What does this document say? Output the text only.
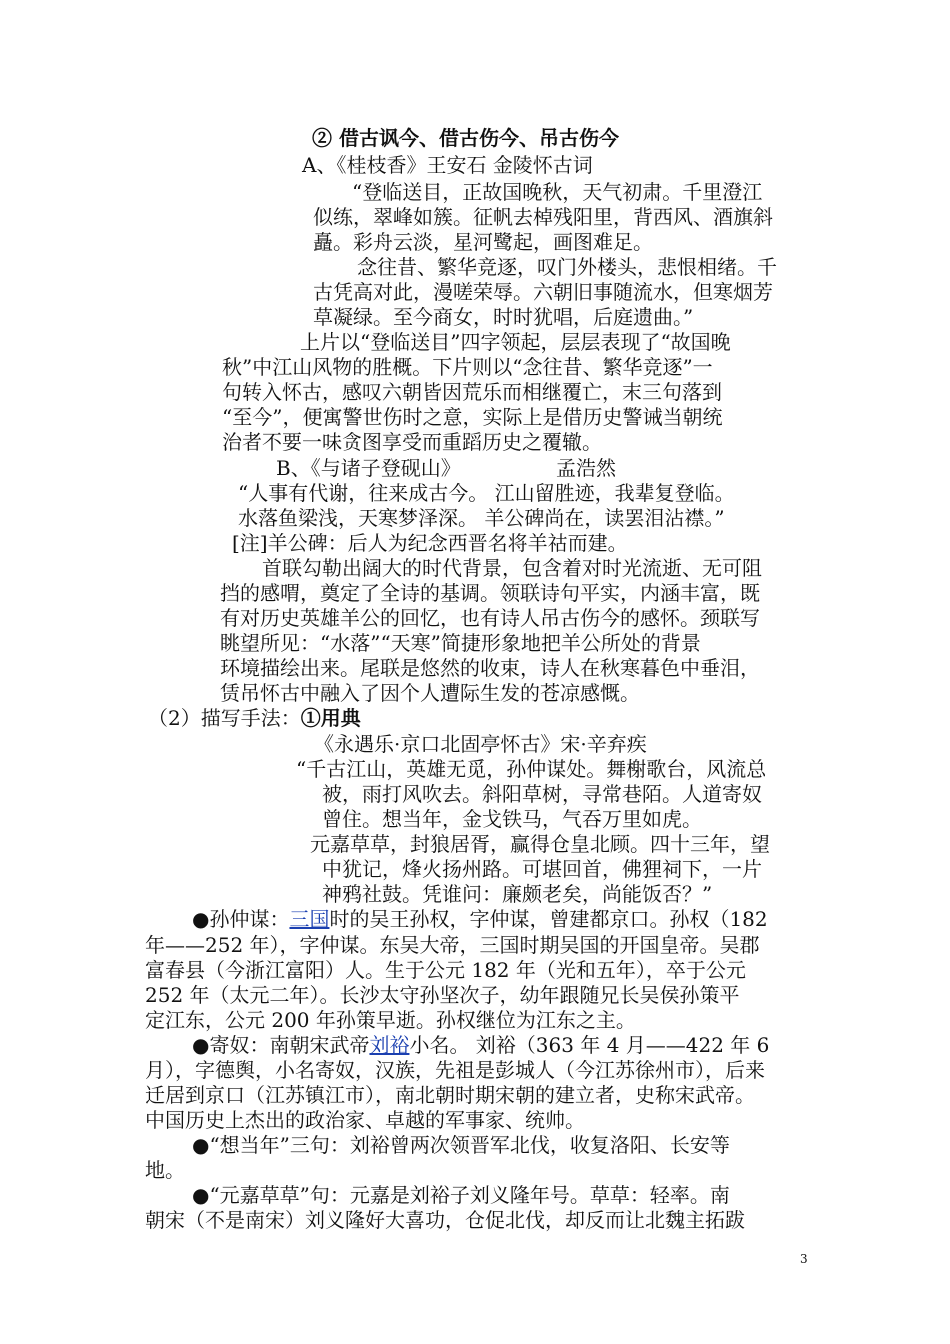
② 借古讽今、借古伤今、吊古伤今
A、《桂枝香》王安石 金陵怀古词
“登临送目，正故国晚秋，天气初肃。千里澄江
似练，翠峰如簇。征帆去棹残阳里，背西风、酒旗斜
矗。彩舟云淡，星河鹭起，画图难足。
念往昔、繁华竞逐，叹门外楼头，悲恨相绪。千
古凭高对此，漫嗟荣辱。六朝旧事随流水，但寒烟芳
草凝绿。至今商女，时时犹唱，后庭遗曲。”
上片以“登临送目”四字领起，层层表现了“故国晚
秋”中江山风物的胜概。下片则以“念往昔、繁华竞逐”一
句转入怀古，感叹六朝皆因荒乐而相继覆亡，末三句落到
“至今”，便寓警世伤时之意，实际上是借历史警诫当朝统
治者不要一味贪图享受而重蹈历史之覆辙。
B、《与诸子登砚山》	孟浩然
“人事有代谢，往来成古今。 江山留胜迹，我辈复登临。
水落鱼梁浅，天寒梦泽深。 羊公碑尚在，读罢泪沾襟。”
[注]羊公碑：后人为纪念西晋名将羊祜而建。
首联勾勒出阔大的时代背景，包含着对时光流逝、无可阻
挡的感喟，奠定了全诗的基调。领联诗句平实，内涵丰富，既
有对历史英雄羊公的回忆，也有诗人吊古伤今的感怀。颈联写
眺望所见：“水落”“天寒”简捷形象地把羊公所处的背景
环境描绘出来。尾联是悠然的收束，诗人在秋寒暮色中垂泪，
赁吊怀古中融入了因个人遭际生发的苍凉感慨。
（2）描写手法：①用典
《永遇乐·京口北固亭怀古》宋·辛弃疾
“千古江山，英雄无觅，孙仲谋处。舞榭歌台，风流总
被，雨打风吹去。斜阳草树，寻常巷陌。人道寄奴
曾住。想当年，金戈铁马，气吞万里如虎。
元嘉草草，封狼居胥，赢得仓皇北顾。四十三年，望
中犹记，烽火扬州路。可堪回首，佛狸祠下，一片
神鸦社鼓。凭谁问：廉颇老矣，尚能饭否？”
●孙仲谋：三国时的吴王孙权，字仲谋，曾建都京口。孙权（182
年——252 年），字仲谋。东吴大帝，三国时期吴国的开国皇帝。吴郡
富春县（今浙江富阳）人。生于公元 182 年（光和五年），卒于公元
252 年（太元二年）。长沙太守孙坚次子，幼年跟随兄长吴侯孙策平
定江东，公元 200 年孙策早逝。孙权继位为江东之主。
●寄奴：南朝宋武帝刘裕小名。 刘裕（363 年 4 月——422 年 6
月），字德舆，小名寄奴，汉族，先祖是彭城人（今江苏徐州市），后来
迁居到京口（江苏镇江市），南北朝时期宋朝的建立者，史称宋武帝。
中国历史上杰出的政治家、卓越的军事家、统帅。
●“想当年”三句：刘裕曾两次领晋军北伐，收复洛阳、长安等
地。
●“元嘉草草”句：元嘉是刘裕子刘义隆年号。草草：轻率。南
朝宋（不是南宋）刘义隆好大喜功，仓促北伐，却反而让北魏主拓跋
3
